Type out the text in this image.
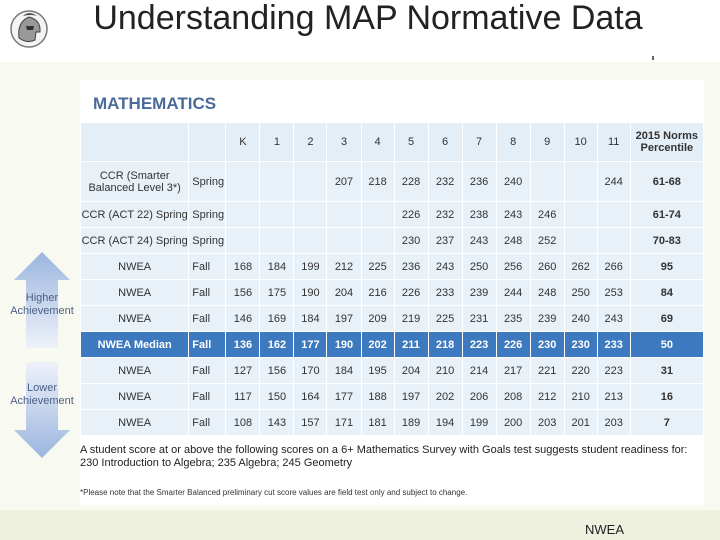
Understanding MAP Normative Data
Higher
Achievement
Lower
Achievement
MATHEMATICS
		K	1	2	3	4	5	6	7	8	9	10	11	2015 Norms Percentile
CCR (Smarter Balanced Level 3*)	Spring				207	218	228	232	236	240			244	61-68
CCR (ACT 22) Spring	Spring						226	232	238	243	246			61-74
CCR (ACT 24) Spring	Spring						230	237	243	248	252			70-83
NWEA	Fall	168	184	199	212	225	236	243	250	256	260	262	266	95
NWEA	Fall	156	175	190	204	216	226	233	239	244	248	250	253	84
NWEA	Fall	146	169	184	197	209	219	225	231	235	239	240	243	69
NWEA Median	Fall	136	162	177	190	202	211	218	223	226	230	230	233	50
NWEA	Fall	127	156	170	184	195	204	210	214	217	221	220	223	31
NWEA	Fall	117	150	164	177	188	197	202	206	208	212	210	213	16
NWEA	Fall	108	143	157	171	181	189	194	199	200	203	201	203	7
A student score at or above the following scores on a 6+ Mathematics Survey with Goals test suggests student readiness for: 230 Introduction to Algebra; 235 Algebra; 245 Geometry
*Please note that the Smarter Balanced preliminary cut score values are field test only and subject to change.
NWEA
